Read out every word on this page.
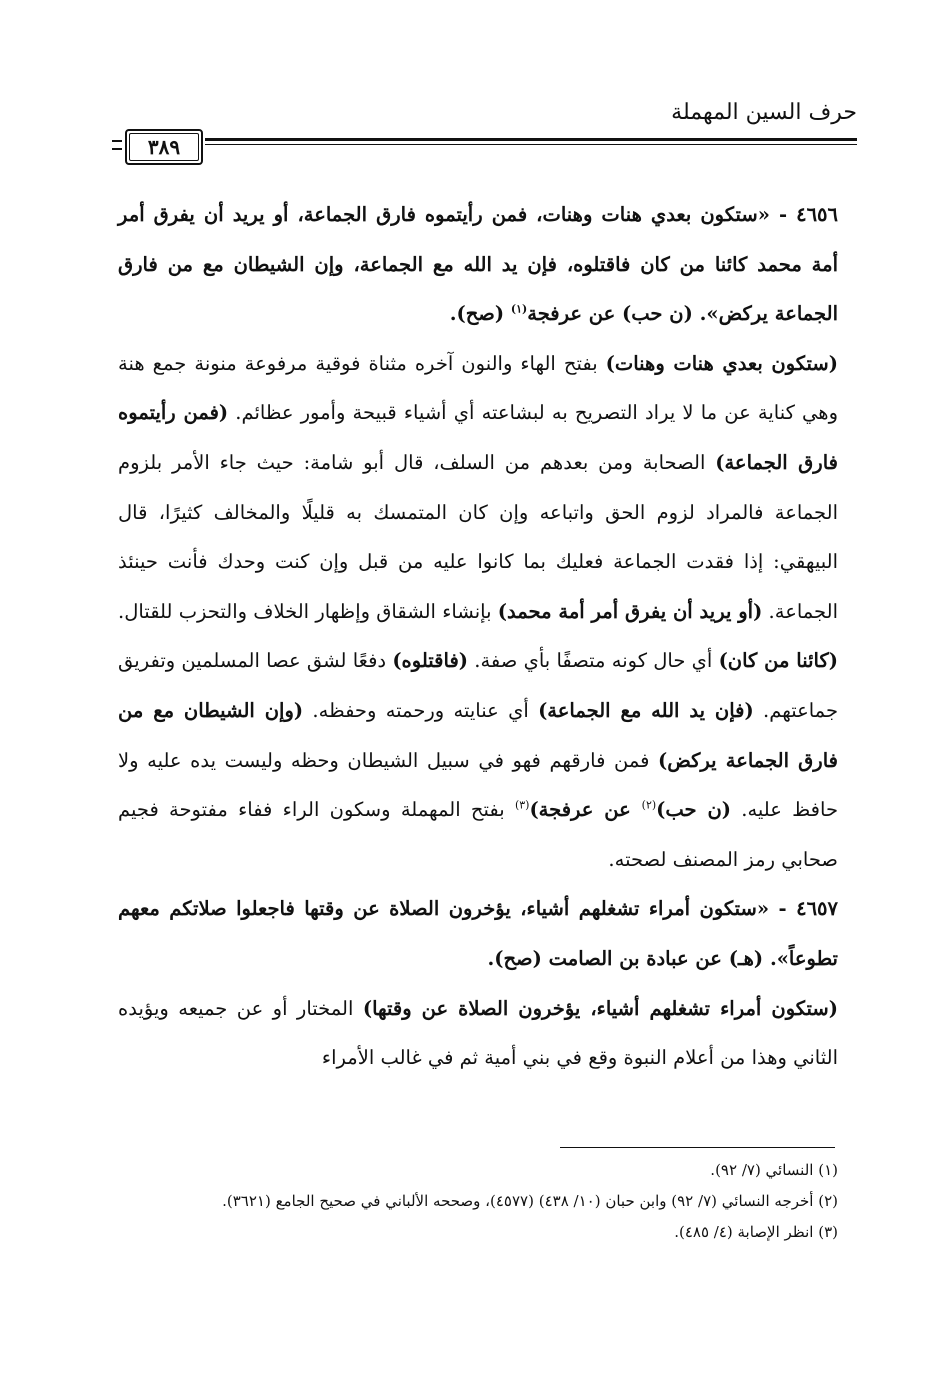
حرف السين المهملة
٣٨٩

٤٦٥٦ - «ستكون بعدي هنات وهنات، فمن رأيتموه فارق الجماعة، أو يريد أن يفرق أمر أمة محمد كائنا من كان فاقتلوه، فإن يد الله مع الجماعة، وإن الشيطان مع من فارق الجماعة يركض». (ن حب) عن عرفجة$^{(١)}$ (صح).

(ستكون بعدي هنات وهنات) بفتح الهاء والنون آخره مثناة فوقية مرفوعة منونة جمع هنة وهي كناية عن ما لا يراد التصريح به لبشاعته أي أشياء قبيحة وأمور عظائم. (فمن رأيتموه فارق الجماعة) الصحابة ومن بعدهم من السلف، قال أبو شامة: حيث جاء الأمر بلزوم الجماعة فالمراد لزوم الحق واتباعه وإن كان المتمسك به قليلًا والمخالف كثيرًا، قال البيهقي: إذا فقدت الجماعة فعليك بما كانوا عليه من قبل وإن كنت وحدك فأنت حينئذ الجماعة. (أو يريد أن يفرق أمر أمة محمد) بإنشاء الشقاق وإظهار الخلاف والتحزب للقتال. (كائنا من كان) أي حال كونه متصفًا بأي صفة. (فاقتلوه) دفعًا لشق عصا المسلمين وتفريق جماعتهم. (فإن يد الله مع الجماعة) أي عنايته ورحمته وحفظه. (وإن الشيطان مع من فارق الجماعة يركض) فمن فارقهم فهو في سبيل الشيطان وحظه وليست يده عليه ولا حافظ عليه. (ن حب)$^{(٢)}$ عن عرفجة)$^{(٣)}$ بفتح المهملة وسكون الراء ففاء مفتوحة فجيم صحابي رمز المصنف لصحته.

٤٦٥٧ - «ستكون أمراء تشغلهم أشياء، يؤخرون الصلاة عن وقتها فاجعلوا صلاتكم معهم تطوعاً». (هـ) عن عبادة بن الصامت (صح).

(ستكون أمراء تشغلهم أشياء، يؤخرون الصلاة عن وقتها) المختار أو عن جميعه ويؤيده الثاني وهذا من أعلام النبوة وقع في بني أمية ثم في غالب الأمراء

(١) النسائي (٧/ ٩٢).

(٢) أخرجه النسائي (٧/ ٩٢) وابن حبان (١٠/ ٤٣٨) (٤٥٧٧)، وصححه الألباني في صحيح الجامع (٣٦٢١).

(٣) انظر الإصابة (٤/ ٤٨٥).
